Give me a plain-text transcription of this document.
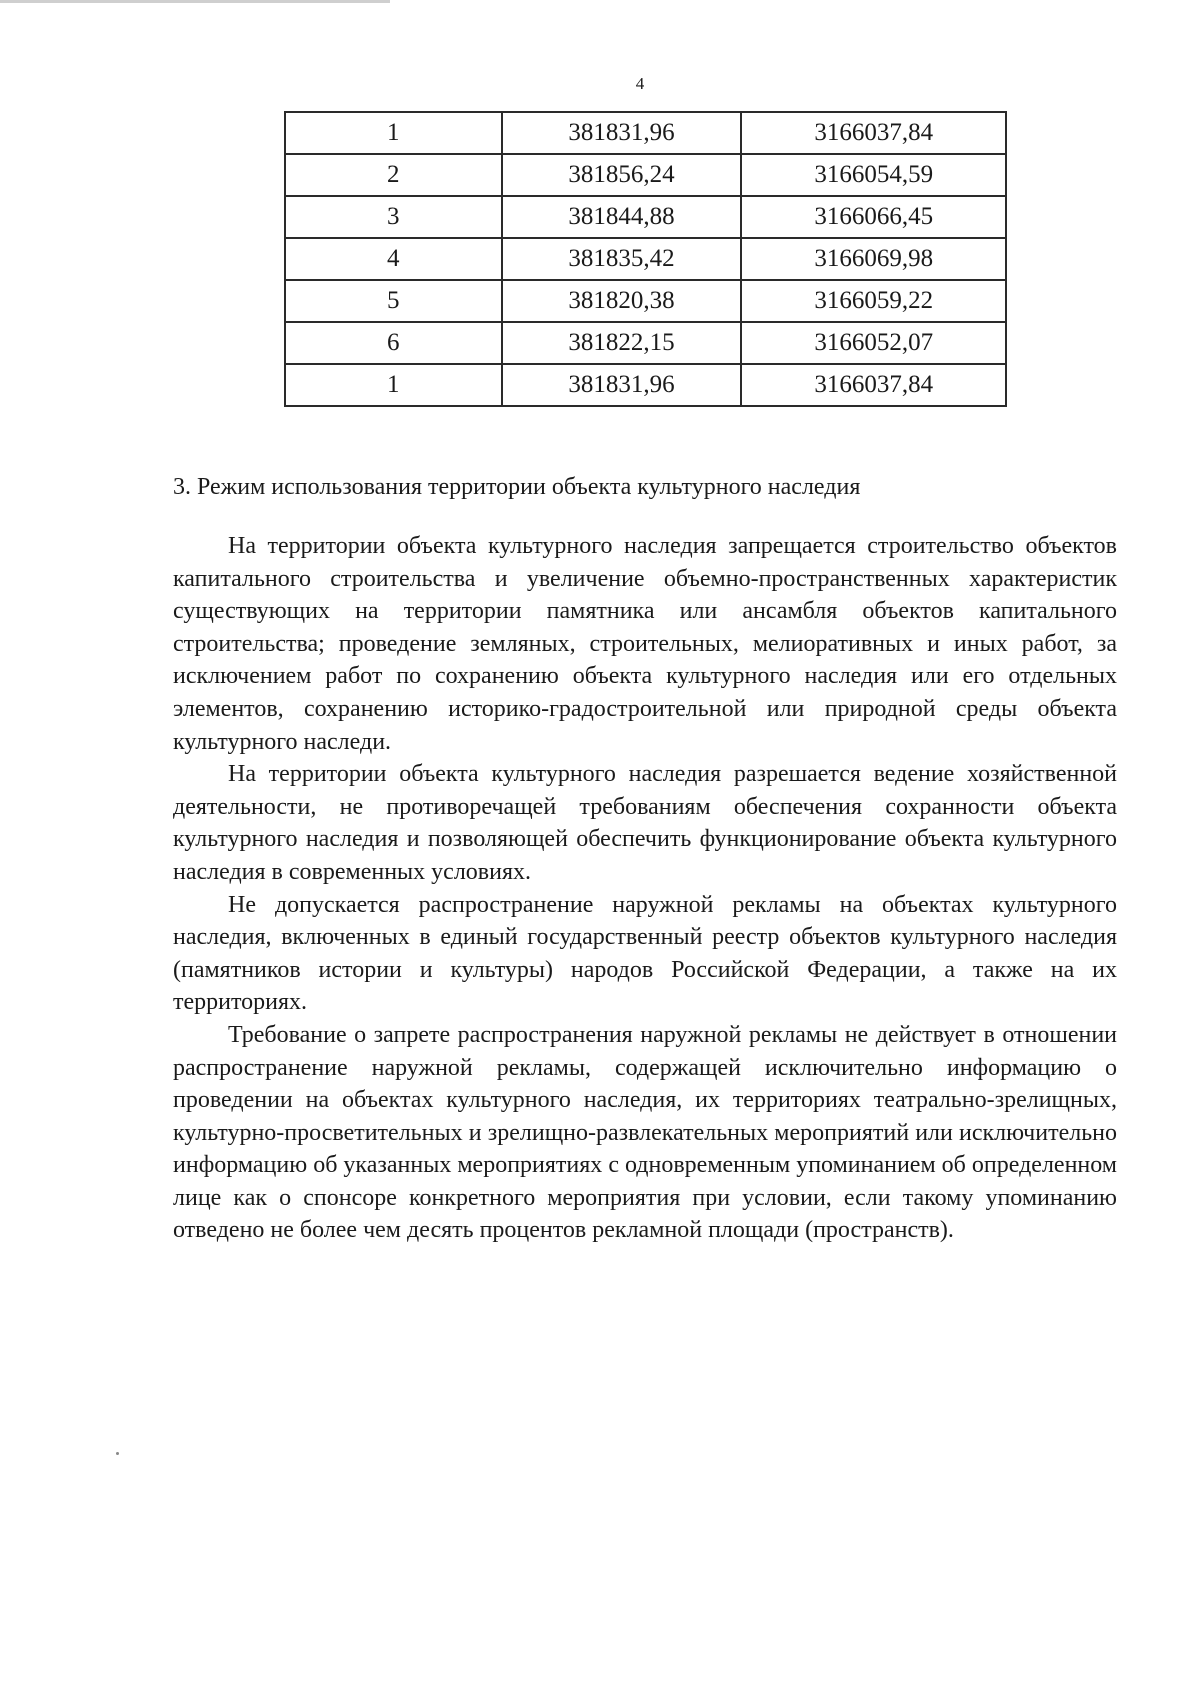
4
1	381831,96	3166037,84
2	381856,24	3166054,59
3	381844,88	3166066,45
4	381835,42	3166069,98
5	381820,38	3166059,22
6	381822,15	3166052,07
1	381831,96	3166037,84
3. Режим использования территории объекта культурного наследия

На территории объекта культурного наследия запрещается строительство объектов капитального строительства и увеличение объемно-пространственных характеристик существующих на территории памятника или ансамбля объектов капитального строительства; проведение земляных, строительных, мелиоративных и иных работ, за исключением работ по сохранению объекта культурного наследия или его отдельных элементов, сохранению историко-градостроительной или природной среды объекта культурного наследи.

На территории объекта культурного наследия разрешается ведение хозяйственной деятельности, не противоречащей требованиям обеспечения сохранности объекта культурного наследия и позволяющей обеспечить функционирование объекта культурного наследия в современных условиях.

Не допускается распространение наружной рекламы на объектах культурного наследия, включенных в единый государственный реестр объектов культурного наследия (памятников истории и культуры) народов Российской Федерации, а также на их территориях.

Требование о запрете распространения наружной рекламы не действует в отношении распространение наружной рекламы, содержащей исключительно информацию о проведении на объектах культурного наследия, их территориях театрально-зрелищных, культурно-просветительных и зрелищно-развлекательных мероприятий или исключительно информацию об указанных мероприятиях с одновременным упоминанием об определенном лице как о спонсоре конкретного мероприятия при условии, если такому упоминанию отведено не более чем десять процентов рекламной площади (пространств).
